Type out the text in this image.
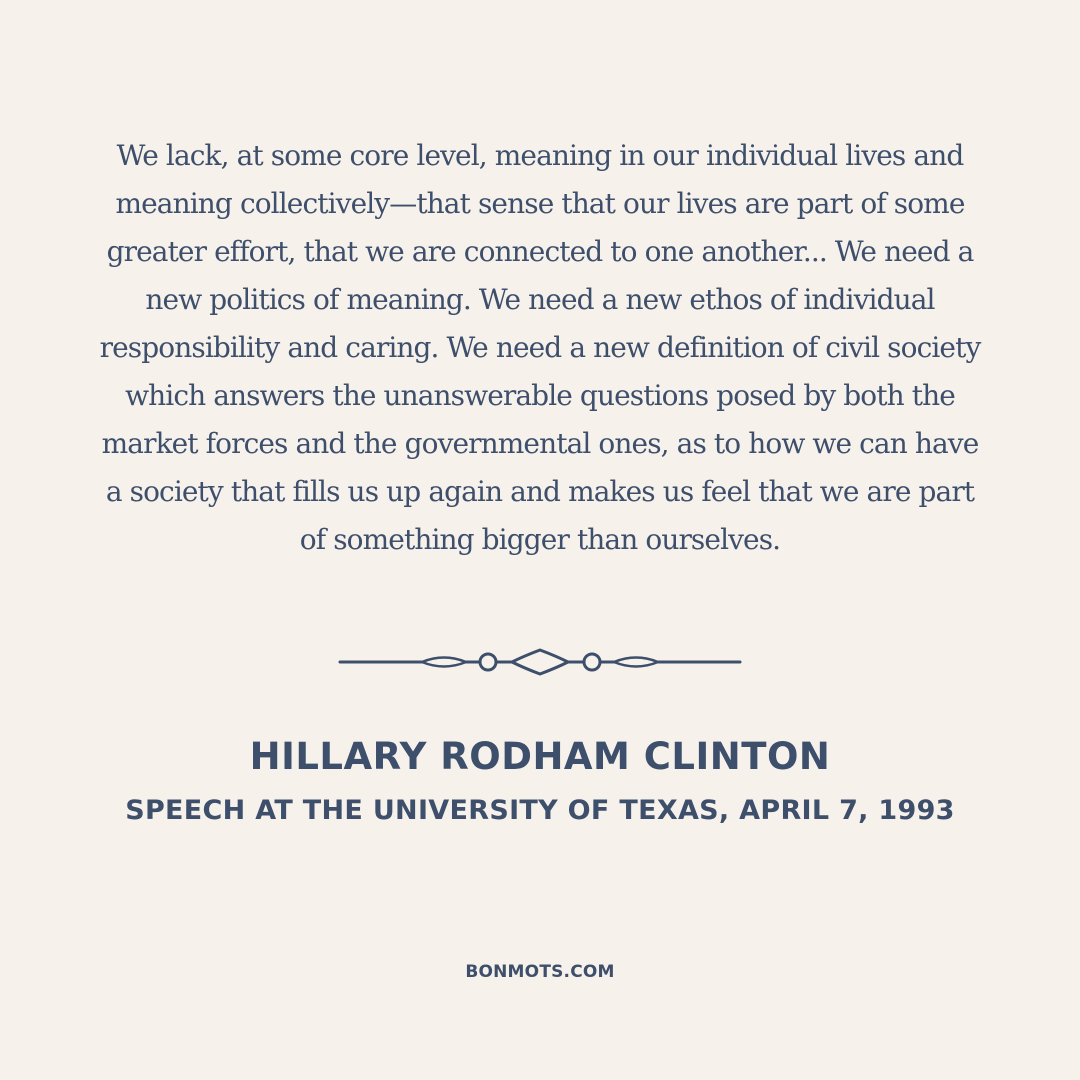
We lack, at some core level, meaning in our individual lives and meaning collectively—that sense that our lives are part of some greater effort, that we are connected to one another... We need a new politics of meaning. We need a new ethos of individual responsibility and caring. We need a new definition of civil society which answers the unanswerable questions posed by both the market forces and the governmental ones, as to how we can have a society that fills us up again and makes us feel that we are part of something bigger than ourselves.

HILLARY RODHAM CLINTON
SPEECH AT THE UNIVERSITY OF TEXAS, APRIL 7, 1993
BONMOTS.COM
